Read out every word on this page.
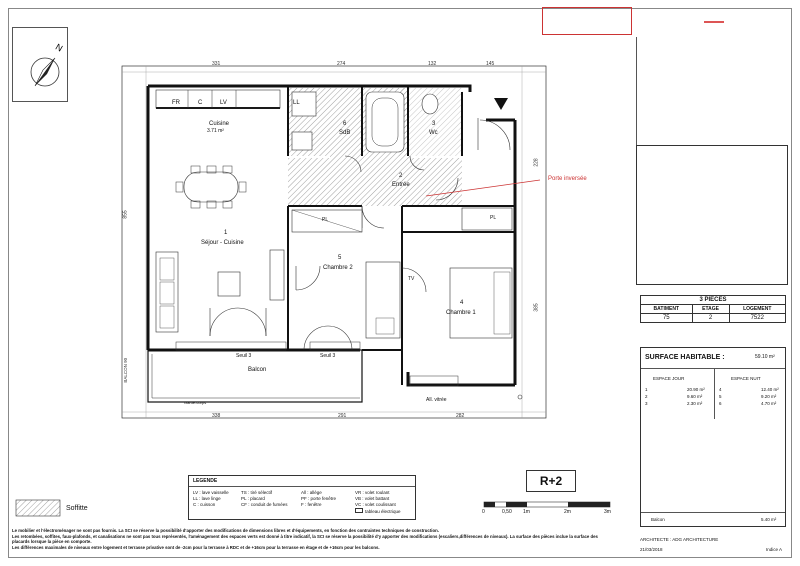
N
3 PIECES		
BATIMENT	ETAGE	LOGEMENT
75	2	7522
SURFACE HABITABLE :	59.10 m²
ESPACE JOUR	ESPACE NUIT
1	20.90 m²
2	9.60 m²
3	2.30 m²
4	12.40 m²
5	9.20 m²
6	4.70 m²
Balcon	5.40 m²
ARCHITECTE : ADG ARCHITECTURE
21/03/2018	Indice A
331	274	132	145
338	291	282
855
228
385
BALCON 90
FR	C	LV	LL
Cuisine
3.71 m²
6
SdB
3
Wc
2
Entrée
Porte inversée
1
Séjour - Cuisine
PL	PL
5
Chambre 2
4
Chambre 1
TV
Seuil 3	Seuil 3
Balcon
Garde-corps	All. vitrée
Soffitte
LEGENDE
LV : lave vaisselle
LL : lave linge
C : cuisson
TS : tiré sélectif
PL : placard
CF : conduit de fumées
All : allège
PF : porte fenêtre
F : fenêtre
VR : volet roulant
VB : volet battant
VC : volet coulissant
tableau électrique
R+2
0	0,50 1m	2m	3m
Le mobilier et l'électroménager ne sont pas fournis. La SCI se réserve la possibilité d'apporter des modifications de dimensions libres et d'équipements, en fonction des contraintes techniques de construction.
Les retombées, soffites, faux-plafonds, et canalisations ne sont pas tous représentés, l'aménagement des espaces verts est donné à titre indicatif, la SCI se réserve la possibilité d'y apporter des modifications (escaliers,différences de niveaux). La surface des pièces inclue la surface des placards lorsque la pièce en comporte.
Les différences maximales de niveaux entre logement et terrasse privative sont de -2cm pour la terrasse à RDC et de +16cm pour la terrasse en étage et de +16cm pour les balcons.
